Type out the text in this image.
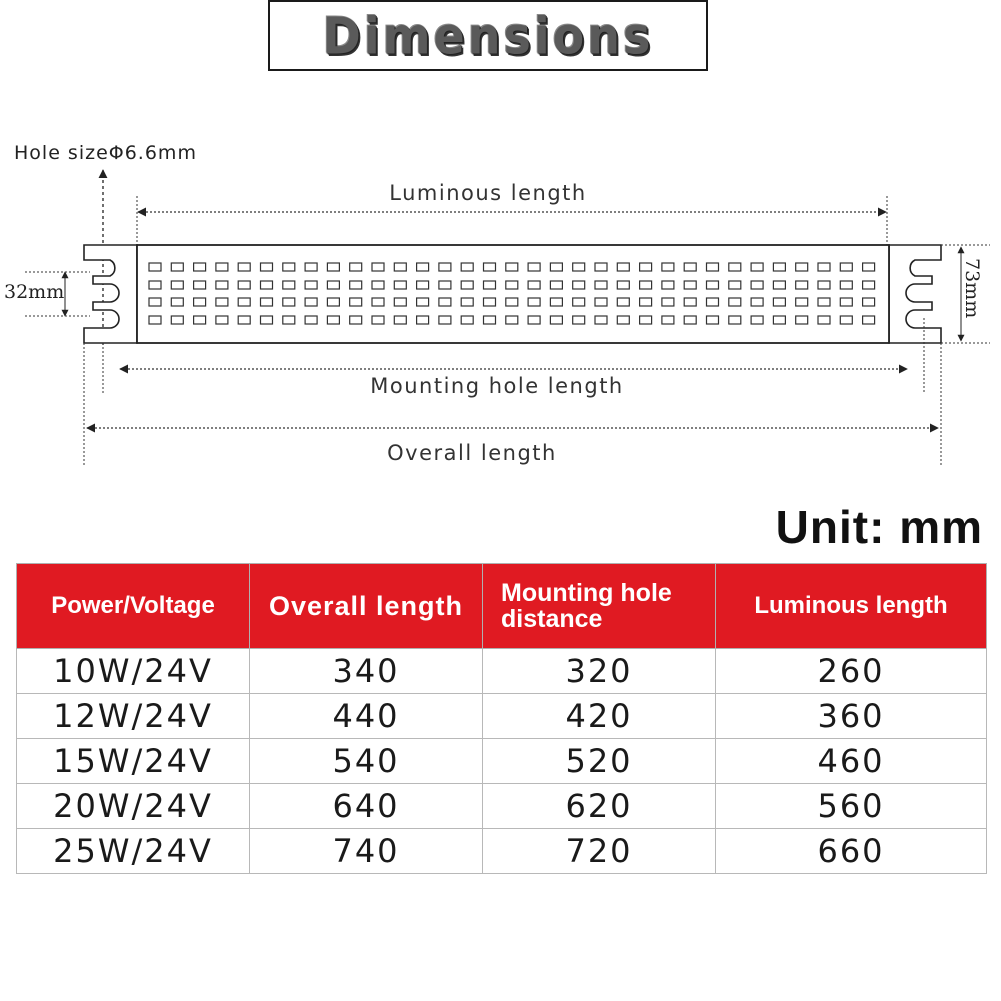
Dimensions
Hole sizeΦ6.6mm
Luminous length
32mm	73mm
Mounting hole length
Overall length
Unit: mm
Power/Voltage	Overall length	Mounting hole distance	Luminous length
10W/24V	340	320	260
12W/24V	440	420	360
15W/24V	540	520	460
20W/24V	640	620	560
25W/24V	740	720	660
